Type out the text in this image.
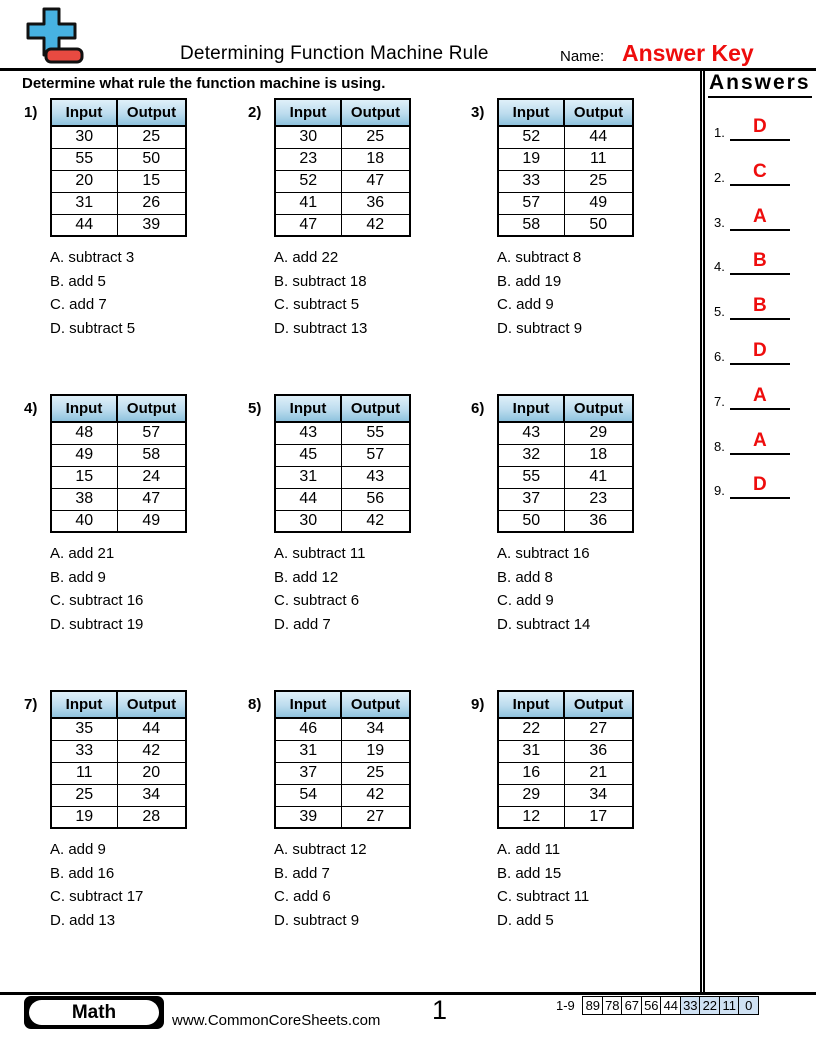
Determining Function Machine Rule	Name: Answer Key
Determine what rule the function machine is using.
1) Input	Output
30	25
55	50
20	15
31	26
44	39
A. subtract 3
B. add 5
C. add 7
D. subtract 5
2) Input	Output
30	25
23	18
52	47
41	36
47	42
A. add 22
B. subtract 18
C. subtract 5
D. subtract 13
3) Input	Output
52	44
19	11
33	25
57	49
58	50
A. subtract 8
B. add 19
C. add 9
D. subtract 9
4) Input	Output
48	57
49	58
15	24
38	47
40	49
A. add 21
B. add 9
C. subtract 16
D. subtract 19
5) Input	Output
43	55
45	57
31	43
44	56
30	42
A. subtract 11
B. add 12
C. subtract 6
D. add 7
6) Input	Output
43	29
32	18
55	41
37	23
50	36
A. subtract 16
B. add 8
C. add 9
D. subtract 14
7) Input	Output
35	44
33	42
11	20
25	34
19	28
A. add 9
B. add 16
C. subtract 17
D. add 13
8) Input	Output
46	34
31	19
37	25
54	42
39	27
A. subtract 12
B. add 7
C. add 6
D. subtract 9
9) Input	Output
22	27
31	36
16	21
29	34
12	17
A. add 11
B. add 15
C. subtract 11
D. add 5
Answers
1.	D
2.	C
3.	A
4.	B
5.	B
6.	D
7.	A
8.	A
9.	D
Math	www.CommonCoreSheets.com 1	1-9 89 78 67 56 44 33 22 11 0
